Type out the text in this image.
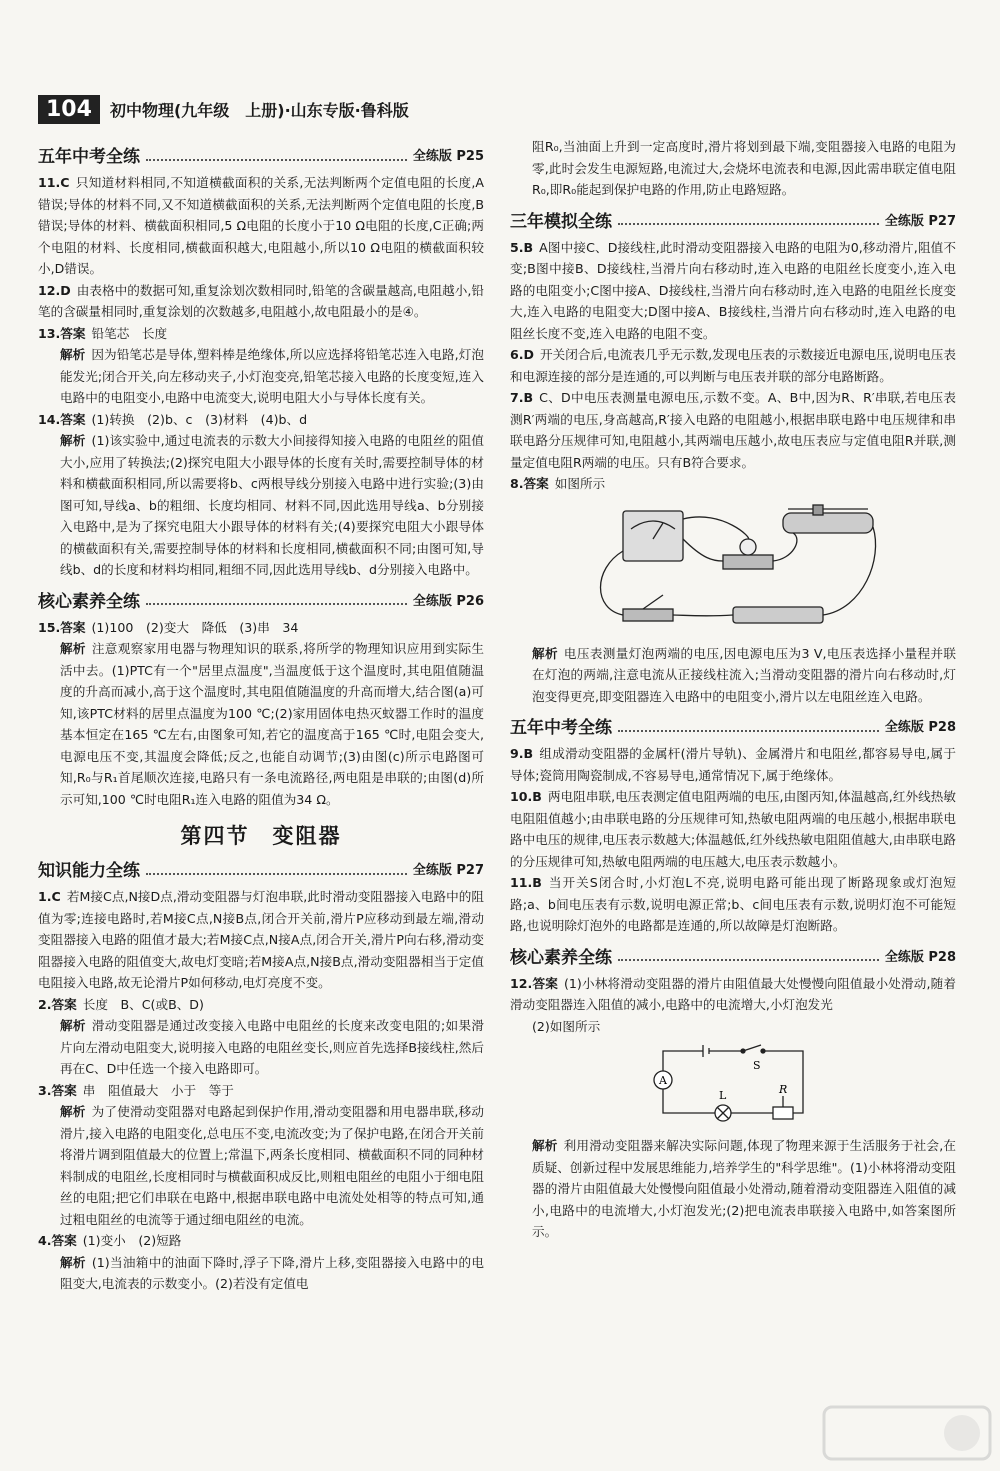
104	初中物理(九年级　上册)·山东专版·鲁科版
五年中考全练	全练版 P25

11.C 只知道材料相同,不知道横截面积的关系,无法判断两个定值电阻的长度,A错误;导体的材料不同,又不知道横截面积的关系,无法判断两个定值电阻的长度,B错误;导体的材料、横截面积相同,5 Ω电阻的长度小于10 Ω电阻的长度,C正确;两个电阻的材料、长度相同,横截面积越大,电阻越小,所以10 Ω电阻的横截面积较小,D错误。

12.D 由表格中的数据可知,重复涂划次数相同时,铅笔的含碳量越高,电阻越小,铅笔的含碳量相同时,重复涂划的次数越多,电阻越小,故电阻最小的是④。

13.答案 铅笔芯　长度

解析 因为铅笔芯是导体,塑料棒是绝缘体,所以应选择将铅笔芯连入电路,灯泡能发光;闭合开关,向左移动夹子,小灯泡变亮,铅笔芯接入电路的长度变短,连入电路中的电阻变小,电路中电流变大,说明电阻大小与导体长度有关。

14.答案 (1)转换　(2)b、c　(3)材料　(4)b、d

解析 (1)该实验中,通过电流表的示数大小间接得知接入电路的电阻丝的阻值大小,应用了转换法;(2)探究电阻大小跟导体的长度有关时,需要控制导体的材料和横截面积相同,所以需要将b、c两根导线分别接入电路中进行实验;(3)由图可知,导线a、b的粗细、长度均相同、材料不同,因此选用导线a、b分别接入电路中,是为了探究电阻大小跟导体的材料有关;(4)要探究电阻大小跟导体的横截面积有关,需要控制导体的材料和长度相同,横截面积不同;由图可知,导线b、d的长度和材料均相同,粗细不同,因此选用导线b、d分别接入电路中。

核心素养全练	全练版 P26

15.答案 (1)100　(2)变大　降低　(3)串　34

解析 注意观察家用电器与物理知识的联系,将所学的物理知识应用到实际生活中去。(1)PTC有一个"居里点温度",当温度低于这个温度时,其电阻值随温度的升高而减小,高于这个温度时,其电阻值随温度的升高而增大,结合图(a)可知,该PTC材料的居里点温度为100 ℃;(2)家用固体电热灭蚊器工作时的温度基本恒定在165 ℃左右,由图象可知,若它的温度高于165 ℃时,电阻会变大,电源电压不变,其温度会降低;反之,也能自动调节;(3)由图(c)所示电路图可知,R₀与R₁首尾顺次连接,电路只有一条电流路径,两电阻是串联的;由图(d)所示可知,100 ℃时电阻R₁连入电路的阻值为34 Ω。

第四节　变阻器
知识能力全练	全练版 P27

1.C 若M接C点,N接D点,滑动变阻器与灯泡串联,此时滑动变阻器接入电路中的阻值为零;连接电路时,若M接C点,N接B点,闭合开关前,滑片P应移动到最左端,滑动变阻器接入电路的阻值才最大;若M接C点,N接A点,闭合开关,滑片P向右移,滑动变阻器接入电路的阻值变大,故电灯变暗;若M接A点,N接B点,滑动变阻器相当于定值电阻接入电路,故无论滑片P如何移动,电灯亮度不变。

2.答案 长度　B、C(或B、D)

解析 滑动变阻器是通过改变接入电路中电阻丝的长度来改变电阻的;如果滑片向左滑动电阻变大,说明接入电路的电阻丝变长,则应首先选择B接线柱,然后再在C、D中任选一个接入电路即可。

3.答案 串　阻值最大　小于　等于

解析 为了使滑动变阻器对电路起到保护作用,滑动变阻器和用电器串联,移动滑片,接入电路的电阻变化,总电压不变,电流改变;为了保护电路,在闭合开关前将滑片调到阻值最大的位置上;常温下,两条长度相同、横截面积不同的同种材料制成的电阻丝,长度相同时与横截面积成反比,则粗电阻丝的电阻小于细电阻丝的电阻;把它们串联在电路中,根据串联电路中电流处处相等的特点可知,通过粗电阻丝的电流等于通过细电阻丝的电流。

4.答案 (1)变小　(2)短路

解析 (1)当油箱中的油面下降时,浮子下降,滑片上移,变阻器接入电路中的电阻变大,电流表的示数变小。(2)若没有定值电

阻R₀,当油面上升到一定高度时,滑片将划到最下端,变阻器接入电路的电阻为零,此时会发生电源短路,电流过大,会烧坏电流表和电源,因此需串联定值电阻R₀,即R₀能起到保护电路的作用,防止电路短路。

三年模拟全练	全练版 P27

5.B A图中接C、D接线柱,此时滑动变阻器接入电路的电阻为0,移动滑片,阻值不变;B图中接B、D接线柱,当滑片向右移动时,连入电路的电阻丝长度变小,连入电路的电阻变小;C图中接A、D接线柱,当滑片向右移动时,连入电路的电阻丝长度变大,连入电路的电阻变大;D图中接A、B接线柱,当滑片向右移动时,连入电路的电阻丝长度不变,连入电路的电阻不变。

6.D 开关闭合后,电流表几乎无示数,发现电压表的示数接近电源电压,说明电压表和电源连接的部分是连通的,可以判断与电压表并联的部分电路断路。

7.B C、D中电压表测量电源电压,示数不变。A、B中,因为R、R′串联,若电压表测R′两端的电压,身高越高,R′接入电路的电阻越小,根据串联电路中电压规律和串联电路分压规律可知,电阻越小,其两端电压越小,故电压表应与定值电阻R并联,测量定值电阻R两端的电压。只有B符合要求。

8.答案 如图所示

解析 电压表测量灯泡两端的电压,因电源电压为3 V,电压表选择小量程并联在灯泡的两端,注意电流从正接线柱流入;当滑动变阻器的滑片向右移动时,灯泡变得更亮,即变阻器连入电路中的电阻变小,滑片以左电阻丝连入电路。

五年中考全练	全练版 P28

9.B 组成滑动变阻器的金属杆(滑片导轨)、金属滑片和电阻丝,都容易导电,属于导体;瓷筒用陶瓷制成,不容易导电,通常情况下,属于绝缘体。

10.B 两电阻串联,电压表测定值电阻两端的电压,由图丙知,体温越高,红外线热敏电阻阻值越小;由串联电路的分压规律可知,热敏电阻两端的电压越小,根据串联电路中电压的规律,电压表示数越大;体温越低,红外线热敏电阻阻值越大,由串联电路的分压规律可知,热敏电阻两端的电压越大,电压表示数越小。

11.B 当开关S闭合时,小灯泡L不亮,说明电路可能出现了断路现象或灯泡短路;a、b间电压表有示数,说明电源正常;b、c间电压表有示数,说明灯泡不可能短路,也说明除灯泡外的电路都是连通的,所以故障是灯泡断路。

核心素养全练	全练版 P28

12.答案 (1)小林将滑动变阻器的滑片由阻值最大处慢慢向阻值最小处滑动,随着滑动变阻器连入阻值的减小,电路中的电流增大,小灯泡发光

(2)如图所示

A
S
L	R

解析 利用滑动变阻器来解决实际问题,体现了物理来源于生活服务于社会,在质疑、创新过程中发展思维能力,培养学生的"科学思维"。(1)小林将滑动变阻器的滑片由阻值最大处慢慢向阻值最小处滑动,随着滑动变阻器连入阻值的减小,电路中的电流增大,小灯泡发光;(2)把电流表串联接入电路中,如答案图所示。
